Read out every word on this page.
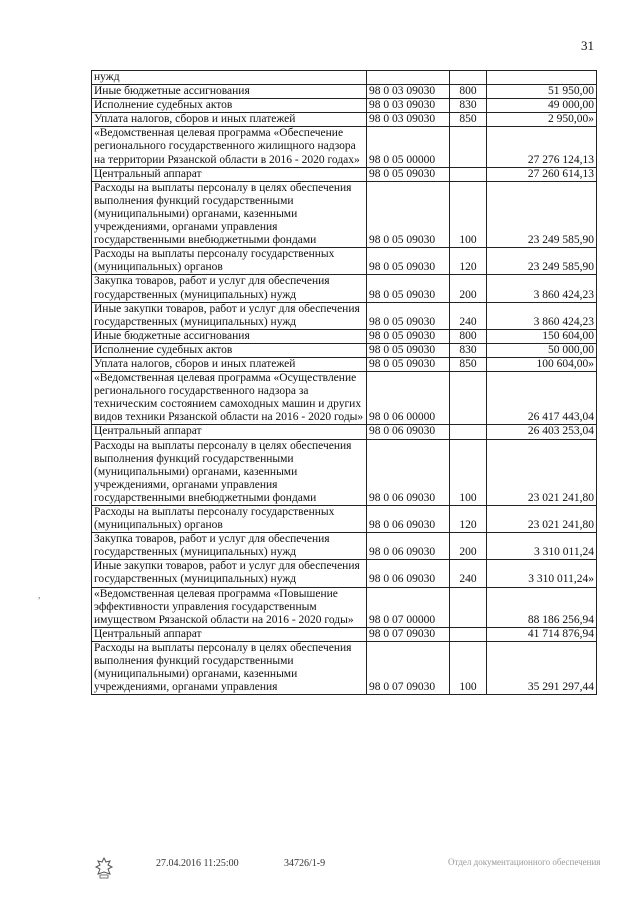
31
нужд			
Иные бюджетные ассигнования	98 0 03 09030	800	51 950,00
Исполнение судебных актов	98 0 03 09030	830	49 000,00
Уплата налогов, сборов и иных платежей	98 0 03 09030	850	2 950,00»
«Ведомственная целевая программа «Обеспечение регионального государственного жилищного надзора на территории Рязанской области в 2016 - 2020 годах»	98 0 05 00000		27 276 124,13
Центральный аппарат	98 0 05 09030		27 260 614,13
Расходы на выплаты персоналу в целях обеспечения выполнения функций государственными (муниципальными) органами, казенными учреждениями, органами управления государственными внебюджетными фондами	98 0 05 09030	100	23 249 585,90
Расходы на выплаты персоналу государственных (муниципальных) органов	98 0 05 09030	120	23 249 585,90
Закупка товаров, работ и услуг для обеспечения государственных (муниципальных) нужд	98 0 05 09030	200	3 860 424,23
Иные закупки товаров, работ и услуг для обеспечения государственных (муниципальных) нужд	98 0 05 09030	240	3 860 424,23
Иные бюджетные ассигнования	98 0 05 09030	800	150 604,00
Исполнение судебных актов	98 0 05 09030	830	50 000,00
Уплата налогов, сборов и иных платежей	98 0 05 09030	850	100 604,00»
«Ведомственная целевая программа «Осуществление регионального государственного надзора за техническим состоянием самоходных машин и других видов техники Рязанской области на 2016 - 2020 годы»	98 0 06 00000		26 417 443,04
Центральный аппарат	98 0 06 09030		26 403 253,04
Расходы на выплаты персоналу в целях обеспечения выполнения функций государственными (муниципальными) органами, казенными учреждениями, органами управления государственными внебюджетными фондами	98 0 06 09030	100	23 021 241,80
Расходы на выплаты персоналу государственных (муниципальных) органов	98 0 06 09030	120	23 021 241,80
Закупка товаров, работ и услуг для обеспечения государственных (муниципальных) нужд	98 0 06 09030	200	3 310 011,24
Иные закупки товаров, работ и услуг для обеспечения государственных (муниципальных) нужд	98 0 06 09030	240	3 310 011,24»
«Ведомственная целевая программа «Повышение эффективности управления государственным имуществом Рязанской области на 2016 - 2020 годы»	98 0 07 00000		88 186 256,94
Центральный аппарат	98 0 07 09030		41 714 876,94
Расходы на выплаты персоналу в целях обеспечения выполнения функций государственными (муниципальными) органами, казенными учреждениями, органами управления	98 0 07 09030	100	35 291 297,44
,
27.04.2016 11:25:00	34726/1-9	Отдел документационного обеспечения
